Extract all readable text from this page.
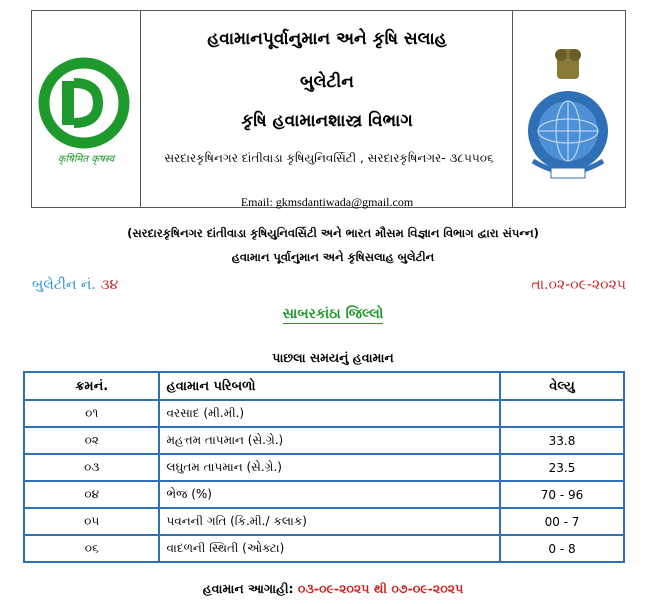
कृषिमित कृषस्व
હવામાનપૂર્વાનુમાન અને કૃષિ સલાહ
બુલેટીન
કૃષિ હવામાનશાસ્ત્ર વિભાગ
સરદારકૃષિનગર દાંતીવાડા કૃષિયુનિવર્સિટી , સરદારકૃષિનગર- ૩૮૫૫૦૬
Email: gkmsdantiwada@gmail.com
(સરદારકૃષિનગર દાંતીવાડા કૃષિયુનિવર્સિટી અને ભારત મૌસમ વિજ્ઞાન વિભાગ દ્વારા સંપન્ન)
હવામાન પૂર્વાનુમાન અને કૃષિસલાહ બુલેટીન
બુલેટીન નં. ૩૪	તા.૦૨-૦૯-૨૦૨૫
સાબરકાંઠા જિલ્લો
પાછલા સમયનું હવામાન
ક્રમનં.	હવામાન પરિબળો	વેલ્યુ
૦૧	વરસાદ (મી.મી.)	
૦૨	મહત્તમ તાપમાન (સે.ગ્રે.)	33.8
૦૩	લઘુતમ તાપમાન (સે.ગ્રે.)	23.5
૦૪	ભેજ (%)	70 - 96
૦૫	પવનની ગતિ (કિ.મી./ કલાક)	00 - 7
૦૬	વાદળની સ્થિતી (ઓક્ટા)	0 - 8
હવામાન આગાહી: ૦૩-૦૯-૨૦૨૫ થી ૦૭-૦૯-૨૦૨૫
